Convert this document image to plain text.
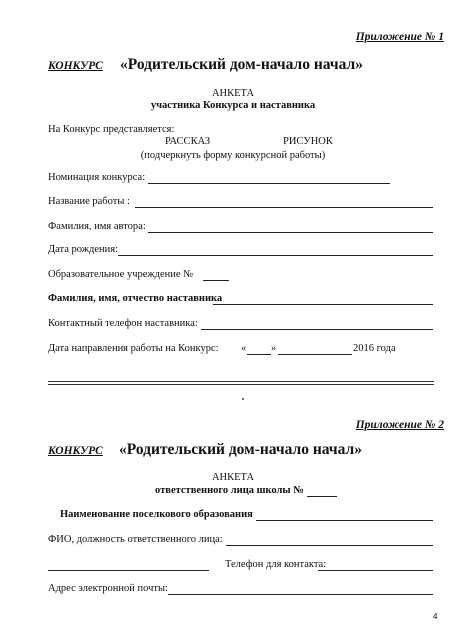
Приложение № 1
КОНКУРС «Родительский дом-начало начал»
АНКЕТА
участника Конкурса и наставника
На Конкурс представляется:
РАССКАЗ	РИСУНОК
(подчеркнуть форму конкурсной работы)
Номинация конкурса:
Название работы :
Фамилия, имя автора:
Дата рождения:
Образовательное учреждение №
Фамилия, имя, отчество наставника
Контактный телефон наставника:
Дата направления работы на Конкурс: « »	2016 года
Приложение № 2
КОНКУРС «Родительский дом-начало начал»
АНКЕТА
ответственного лица школы №
Наименование поселкового образования
ФИО, должность ответственного лица:
Телефон для контакта:
Адрес электронной почты:
4
